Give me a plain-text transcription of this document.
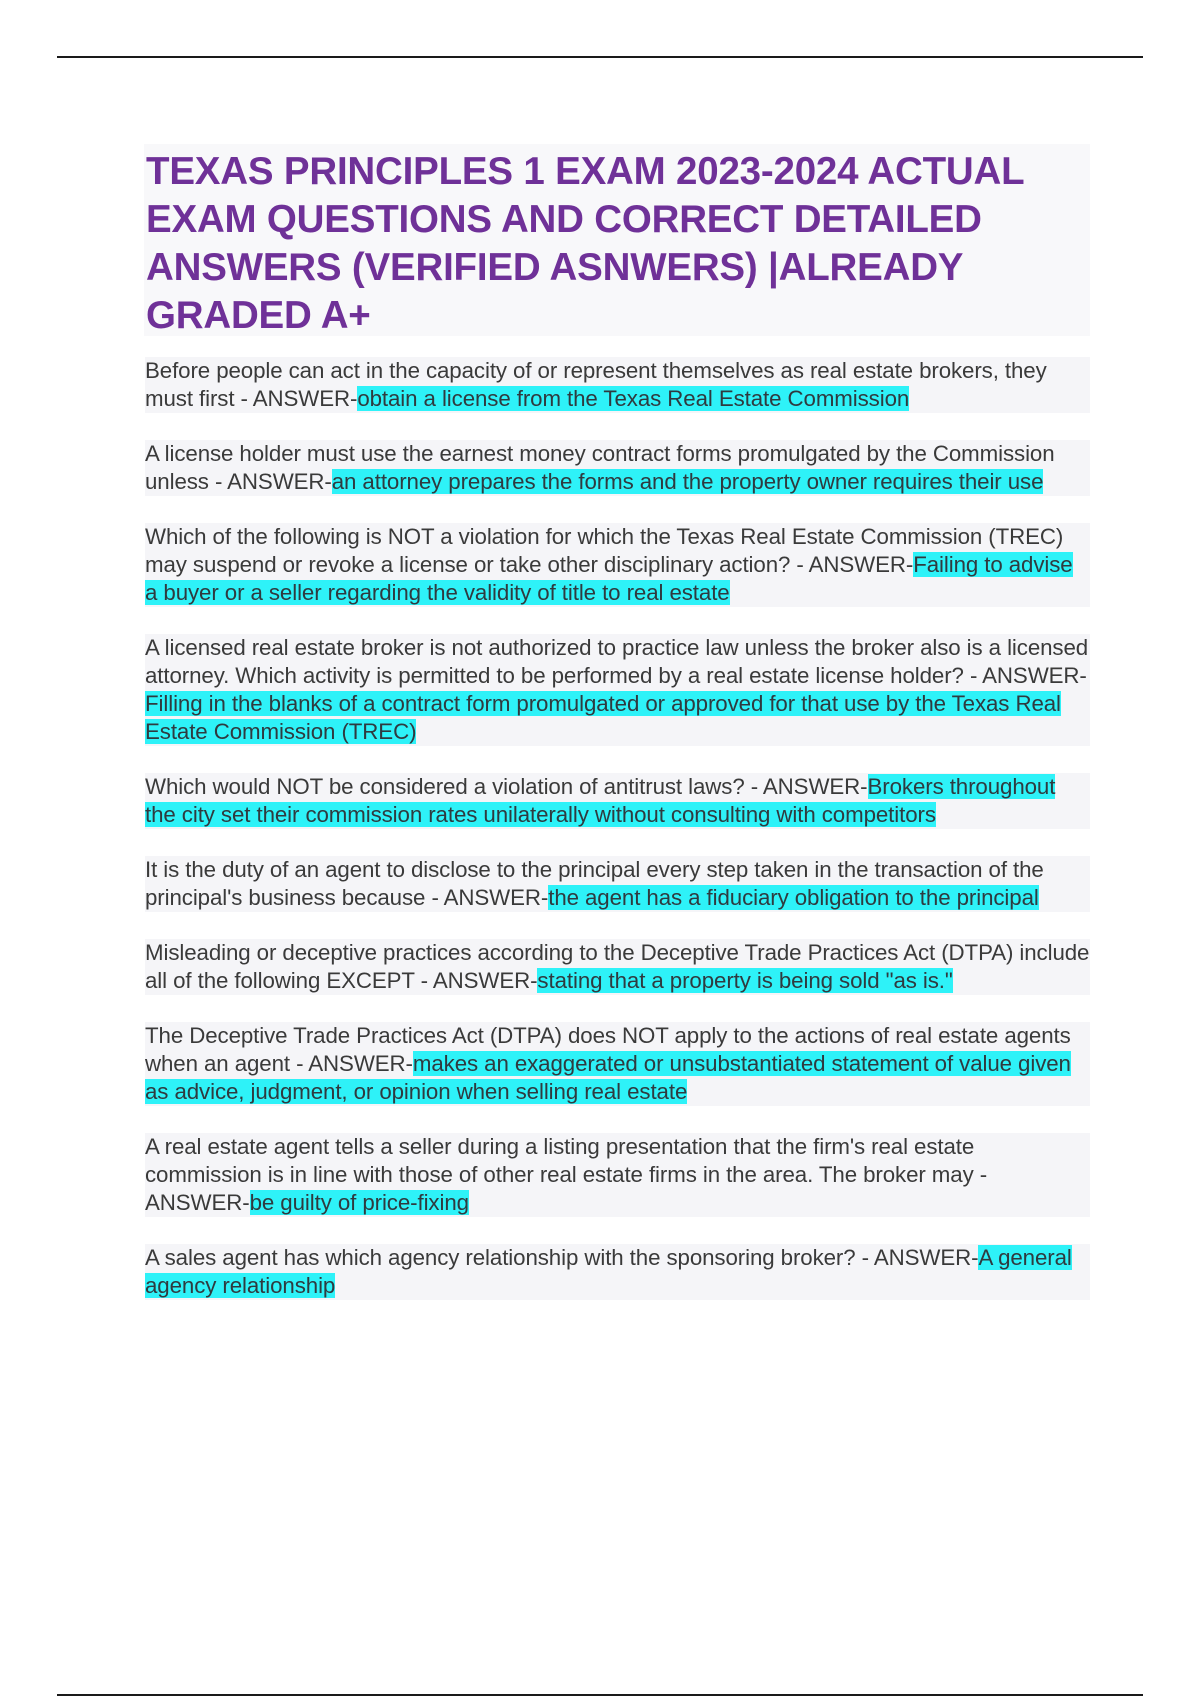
TEXAS PRINCIPLES 1 EXAM 2023-2024 ACTUAL EXAM QUESTIONS AND CORRECT DETAILED ANSWERS (VERIFIED ASNWERS) |ALREADY GRADED A+

Before people can act in the capacity of or represent themselves as real estate brokers, they must first - ANSWER-obtain a license from the Texas Real Estate Commission

A license holder must use the earnest money contract forms promulgated by the Commission unless - ANSWER-an attorney prepares the forms and the property owner requires their use

Which of the following is NOT a violation for which the Texas Real Estate Commission (TREC) may suspend or revoke a license or take other disciplinary action? - ANSWER-Failing to advise a buyer or a seller regarding the validity of title to real estate

A licensed real estate broker is not authorized to practice law unless the broker also is a licensed attorney. Which activity is permitted to be performed by a real estate license holder? - ANSWER-Filling in the blanks of a contract form promulgated or approved for that use by the Texas Real Estate Commission (TREC)

Which would NOT be considered a violation of antitrust laws? - ANSWER-Brokers throughout the city set their commission rates unilaterally without consulting with competitors

It is the duty of an agent to disclose to the principal every step taken in the transaction of the principal's business because - ANSWER-the agent has a fiduciary obligation to the principal

Misleading or deceptive practices according to the Deceptive Trade Practices Act (DTPA) include all of the following EXCEPT - ANSWER-stating that a property is being sold "as is."

The Deceptive Trade Practices Act (DTPA) does NOT apply to the actions of real estate agents when an agent - ANSWER-makes an exaggerated or unsubstantiated statement of value given as advice, judgment, or opinion when selling real estate

A real estate agent tells a seller during a listing presentation that the firm's real estate commission is in line with those of other real estate firms in the area. The broker may - ANSWER-be guilty of price-fixing

A sales agent has which agency relationship with the sponsoring broker? - ANSWER-A general agency relationship
